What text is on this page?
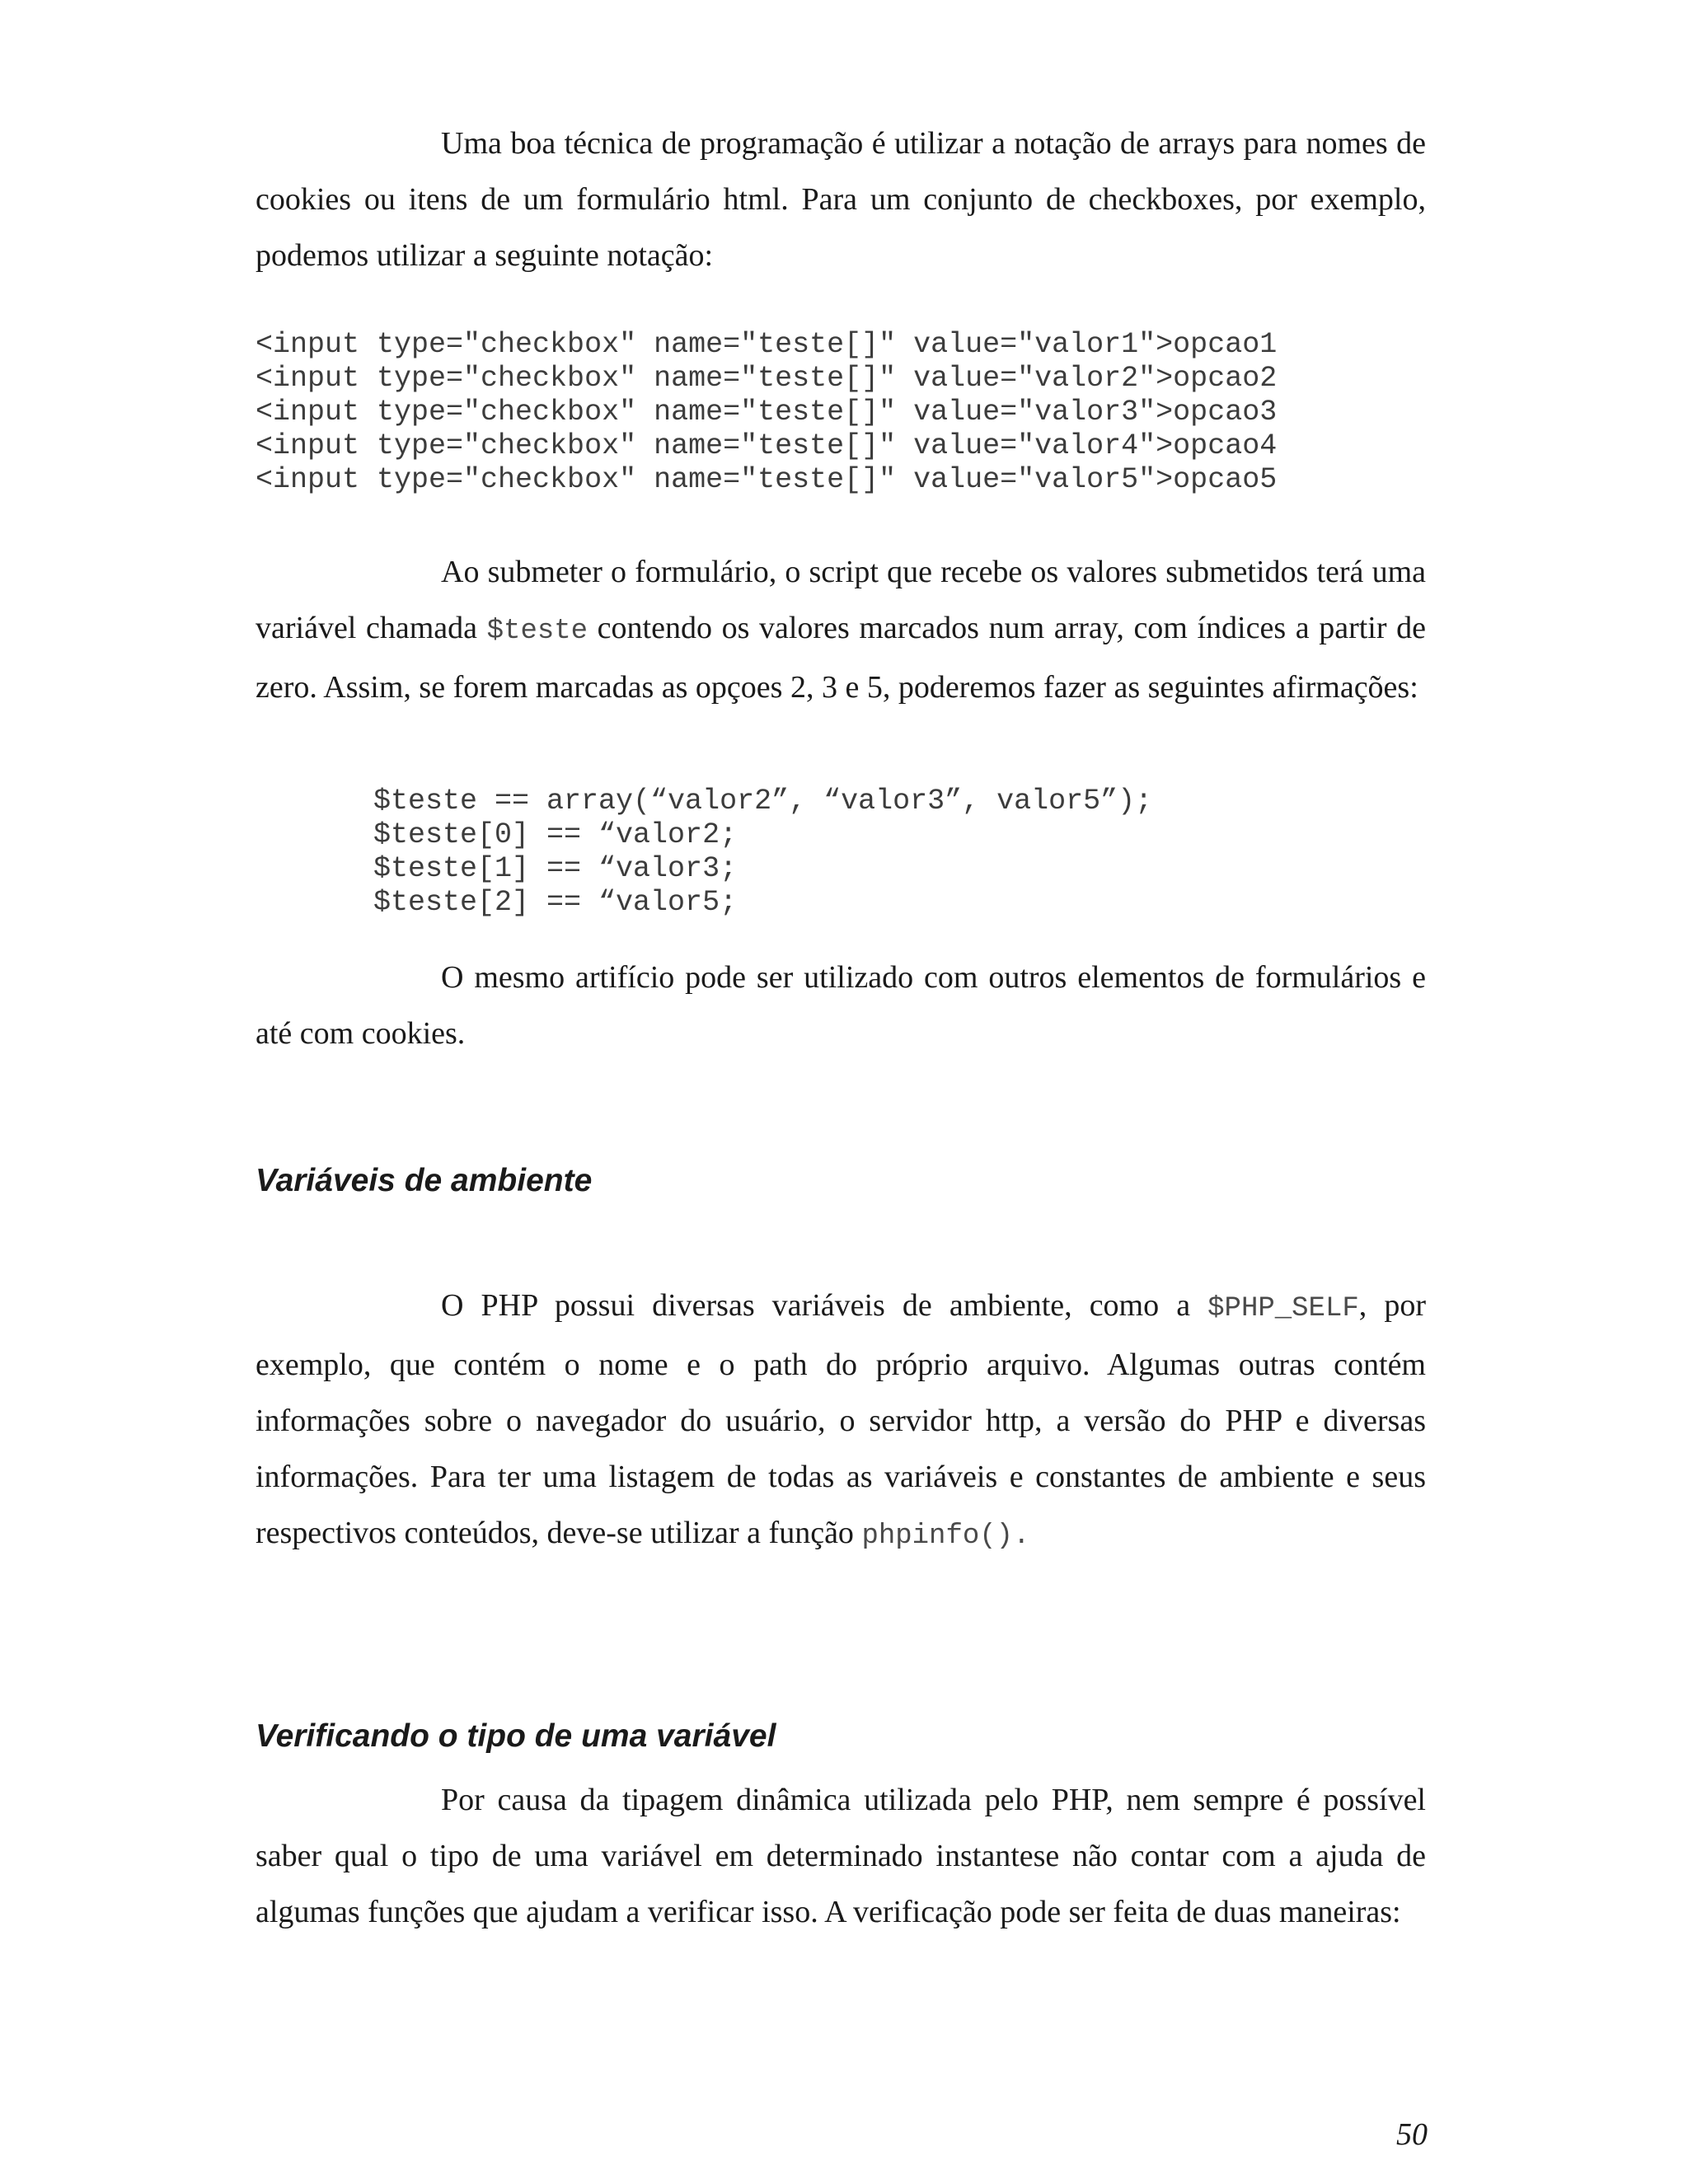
Uma boa técnica de programação é utilizar a notação de arrays para nomes de cookies ou itens de um formulário html. Para um conjunto de checkboxes, por exemplo, podemos utilizar a seguinte notação:

<input type="checkbox" name="teste[]" value="valor1">opcao1
<input type="checkbox" name="teste[]" value="valor2">opcao2
<input type="checkbox" name="teste[]" value="valor3">opcao3
<input type="checkbox" name="teste[]" value="valor4">opcao4
<input type="checkbox" name="teste[]" value="valor5">opcao5

Ao submeter o formulário, o script que recebe os valores submetidos terá uma variável chamada $teste contendo os valores marcados num array, com índices a partir de zero. Assim, se forem marcadas as opçoes 2, 3 e 5, poderemos fazer as seguintes afirmações:

$teste == array(“valor2”, “valor3”, valor5”);
$teste[0] == “valor2;
$teste[1] == “valor3;
$teste[2] == “valor5;

O mesmo artifício pode ser utilizado com outros elementos de formulários e até com cookies.

Variáveis de ambiente

O PHP possui diversas variáveis de ambiente, como a $PHP_SELF, por exemplo, que contém o nome e o path do próprio arquivo. Algumas outras contém informações sobre o navegador do usuário, o servidor http, a versão do PHP e diversas informações. Para ter uma listagem de todas as variáveis e constantes de ambiente e seus respectivos conteúdos, deve-se utilizar a função phpinfo().

Verificando o tipo de uma variável

Por causa da tipagem dinâmica utilizada pelo PHP, nem sempre é possível saber qual o tipo de uma variável em determinado instantese não contar com a ajuda de algumas funções que ajudam a verificar isso. A verificação pode ser feita de duas maneiras:

50
